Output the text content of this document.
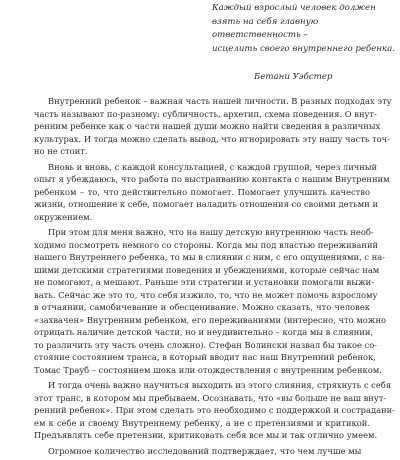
Каждый взрослый человек должен
взять на себя главную
ответственность –
исцелить своего внутреннего ребенка.
Бетани Уэбстер
Внутренний ребенок – важная часть нашей личности. В разных подходах эту
часть называют по-разному: субличность, архетип, схема поведения. О внут-
ренним ребенке как о части нашей души можно найти сведения в различных
культурах. И тогда можно сделать вывод, что игнорировать эту нашу часть точ-
но не стоит.
Вновь и вновь, с каждой консультацией, с каждой группой, через личный
опыт я убеждаюсь, что работа по выстраиванию контакта с нашим Внутренним
ребенком – то, что действительно помогает. Помогает улучшить качество
жизни, отношение к себе, помогает наладить отношения со своими детьми и
окружением.
При этом для меня важно, что на нашу детскую внутреннюю часть необ-
ходимо посмотреть немного со стороны. Когда мы под властью переживаний
нашего Внутреннего ребенка, то мы в слиянии с ним, с его ощущениями, с на-
шими детскими стратегиями поведения и убеждениями, которые сейчас нам
не помогают, а мешают. Раньше эти стратегии и установки помогали выжи-
вать. Сейчас же это то, что себя изжило, то, что не может помочь взрослому
в отчаянии, самобичевание и обесценивание. Можно сказать, что человек
«захвачен» Внутренним ребенком, его переживаниями (интересно, что можно
отрицать наличие детской части, но и неудивительно – когда мы в слиянии,
то различить эту часть очень сложно). Стефан Волински назвал бы такое со-
стояние состоянием транса, в который вводит нас наш Внутренний ребенок,
Томас Трауб – состоянием шока или отождествления с внутренним ребенком.
И тогда очень важно научиться выходить из этого слияния, стряхнуть с себя
этот транс, в котором мы пребываем. Осознавать, что «вы больше не ваш внут-
ренний ребенок». При этом сделать это необходимо с поддержкой и сострадани-
ем к себе и своему Внутреннему ребенку, а не с претензиями и критикой.
Предъявлять себе претензии, критиковать себя все мы и так отлично умеем.
Огромное количество исследований подтверждает, что чем лучше мы
